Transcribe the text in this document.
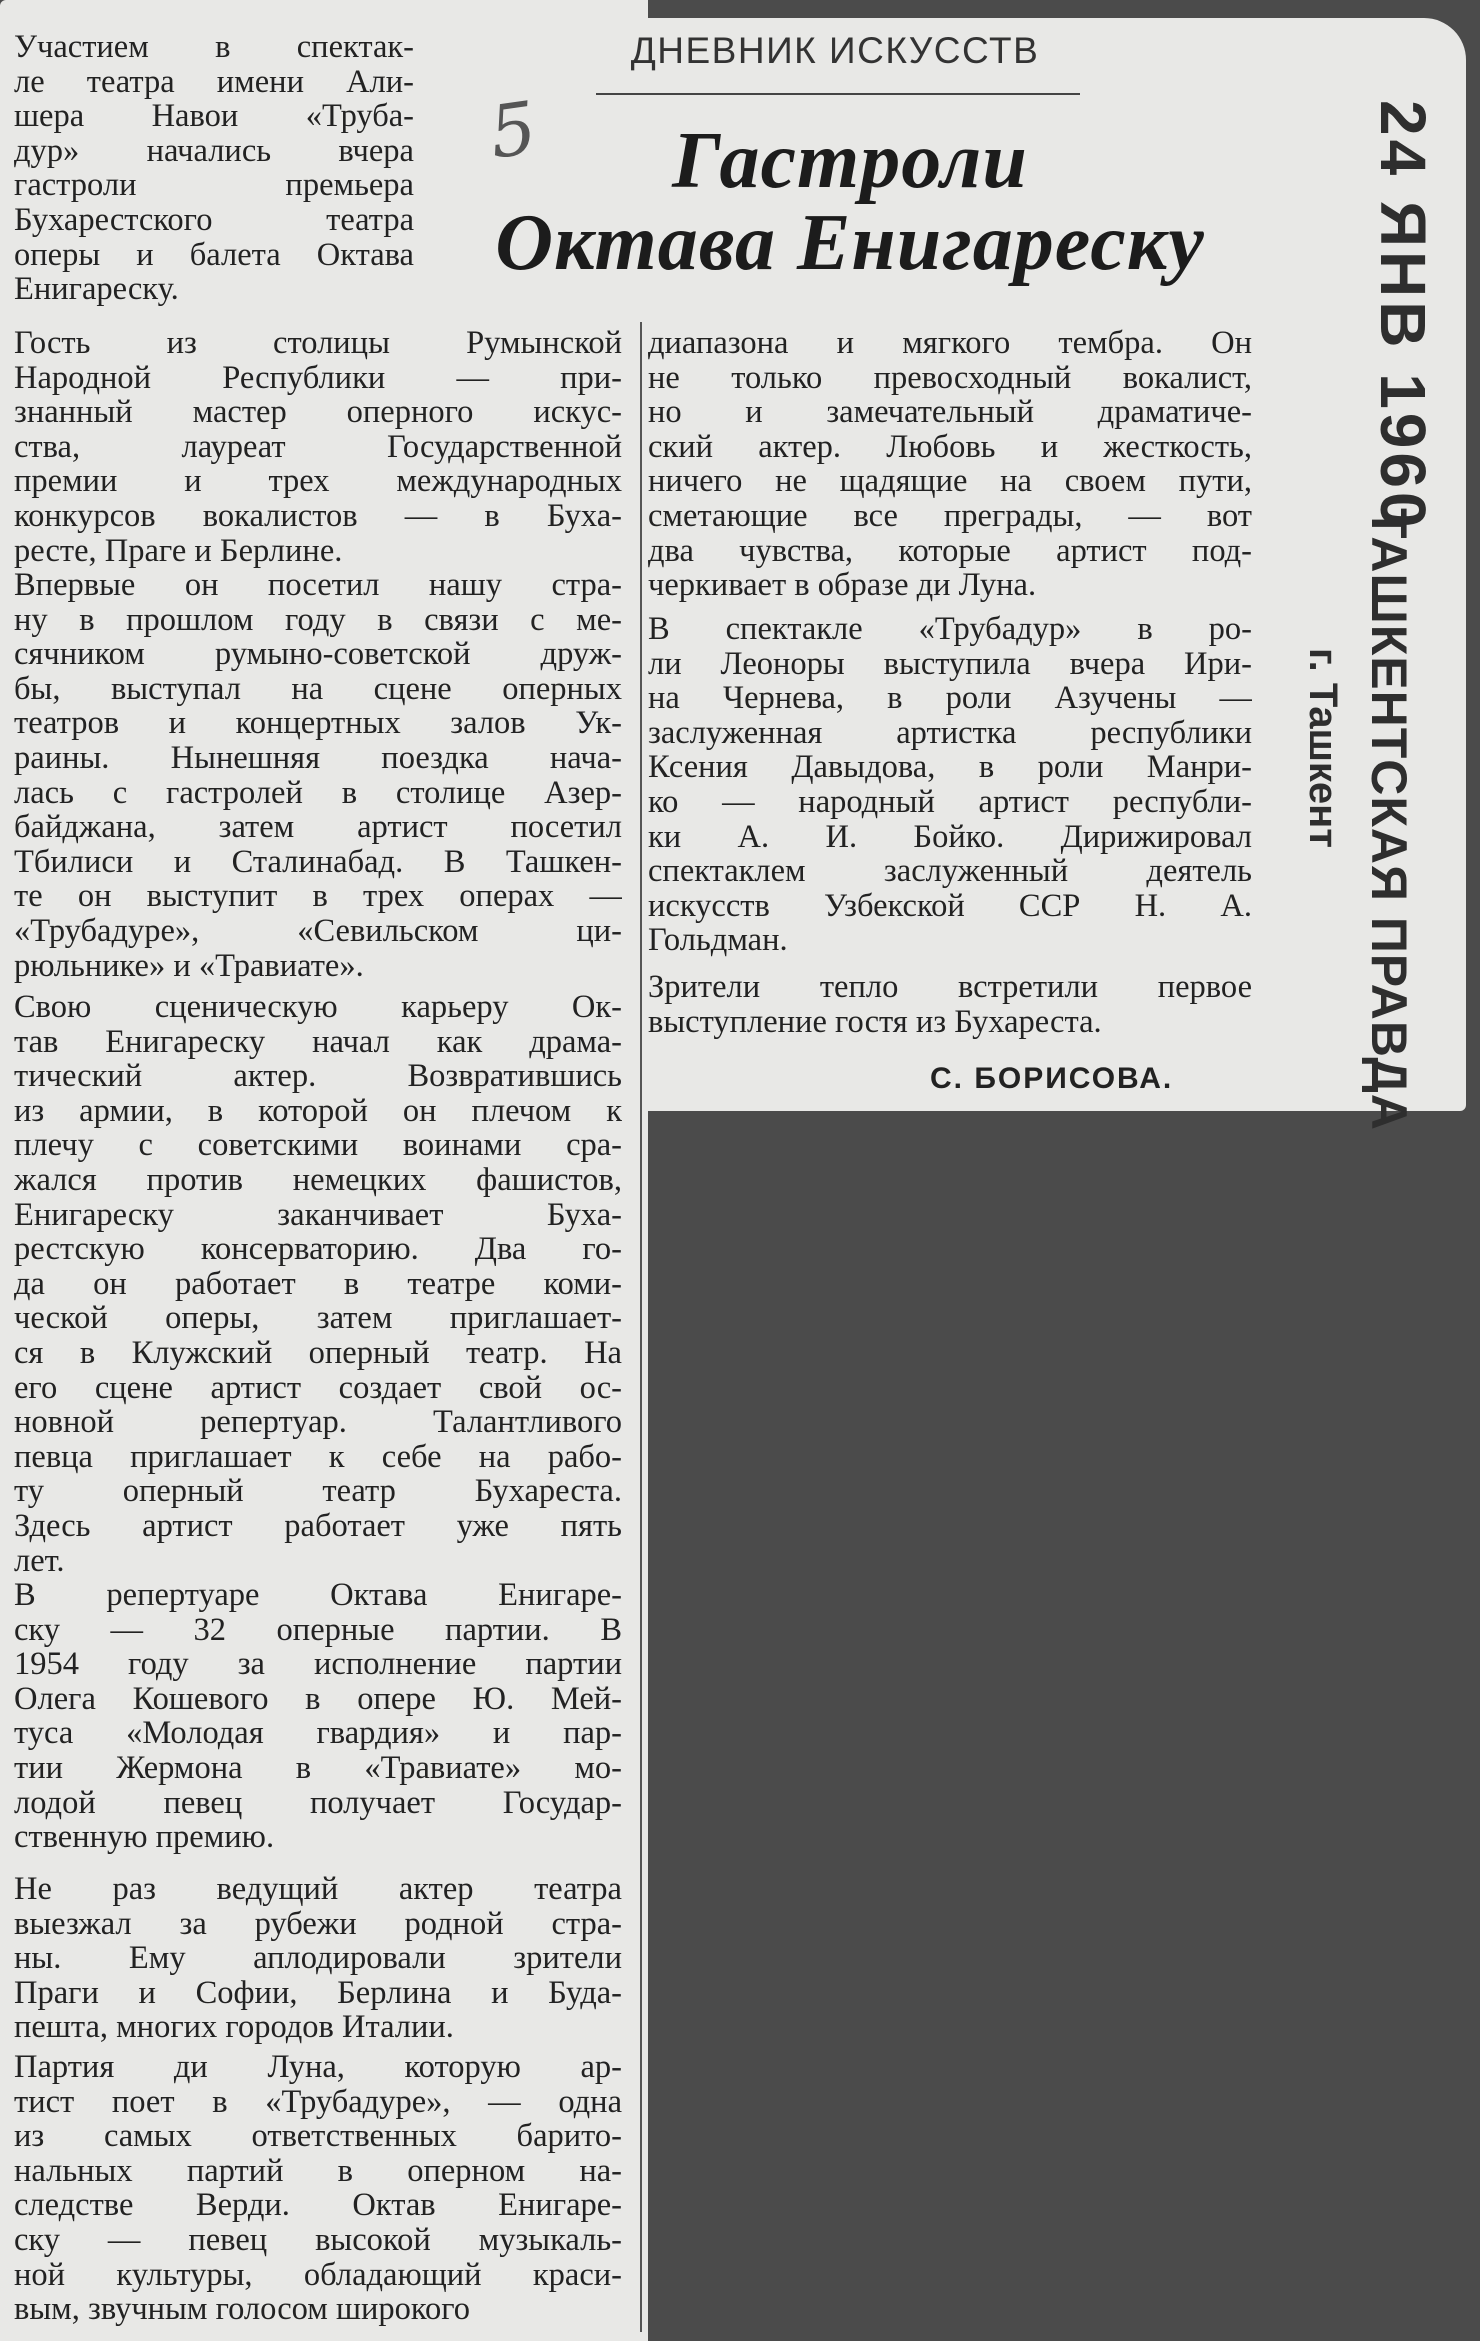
ДНЕВНИК ИСКУССТВ
5	Гастроли
Октава Енигареску
Участием в спектак-
ле театра имени Али-
шера Навои «Труба-
дур» начались вчера
гастроли премьера
Бухарестского театра
оперы и балета Октава
Енигареску.
Гость из столицы Румынской
Народной Республики — при-
знанный мастер оперного искус-
ства, лауреат Государственной
премии и трех международных
конкурсов вокалистов — в Буха-
ресте, Праге и Берлине.
Впервые он посетил нашу стра-
ну в прошлом году в связи с ме-
сячником румыно-советской друж-
бы, выступал на сцене оперных
театров и концертных залов Ук-
раины. Нынешняя поездка нача-
лась с гастролей в столице Азер-
байджана, затем артист посетил
Тбилиси и Сталинабад. В Ташкен-
те он выступит в трех операх —
«Трубадуре», «Севильском ци-
рюльнике» и «Травиате».
Свою сценическую карьеру Ок-
тав Енигареску начал как драма-
тический актер. Возвратившись
из армии, в которой он плечом к
плечу с советскими воинами сра-
жался против немецких фашистов,
Енигареску заканчивает Буха-
рестскую консерваторию. Два го-
да он работает в театре коми-
ческой оперы, затем приглашает-
ся в Клужский оперный театр. На
его сцене артист создает свой ос-
новной репертуар. Талантливого
певца приглашает к себе на рабо-
ту оперный театр Бухареста.
Здесь артист работает уже пять
лет.
В репертуаре Октава Енигаре-
ску — 32 оперные партии. В
1954 году за исполнение партии
Олега Кошевого в опере Ю. Мей-
туса «Молодая гвардия» и пар-
тии Жермона в «Травиате» мо-
лодой певец получает Государ-
ственную премию.
Не раз ведущий актер театра
выезжал за рубежи родной стра-
ны. Ему аплодировали зрители
Праги и Софии, Берлина и Буда-
пешта, многих городов Италии.
Партия ди Луна, которую ар-
тист поет в «Трубадуре», — одна
из самых ответственных барито-
нальных партий в оперном на-
следстве Верди. Октав Енигаре-
ску — певец высокой музыкаль-
ной культуры, обладающий краси-
вым, звучным голосом широкого
диапазона и мягкого тембра. Он
не только превосходный вокалист,
но и замечательный драматиче-
ский актер. Любовь и жесткость,
ничего не щадящие на своем пути,
сметающие все преграды, — вот
два чувства, которые артист под-
черкивает в образе ди Луна.
В спектакле «Трубадур» в ро-
ли Леоноры выступила вчера Ири-
на Чернева, в роли Азучены —
заслуженная артистка республики
Ксения Давыдова, в роли Манри-
ко — народный артист республи-
ки А. И. Бойко. Дирижировал
спектаклем заслуженный деятель
искусств Узбекской ССР Н. А.
Гольдман.
Зрители тепло встретили первое
выступление гостя из Бухареста.
С. БОРИСОВА.
24 ЯНВ 1960
ТАШКЕНТСКАЯ ПРАВДА
г. Ташкент
